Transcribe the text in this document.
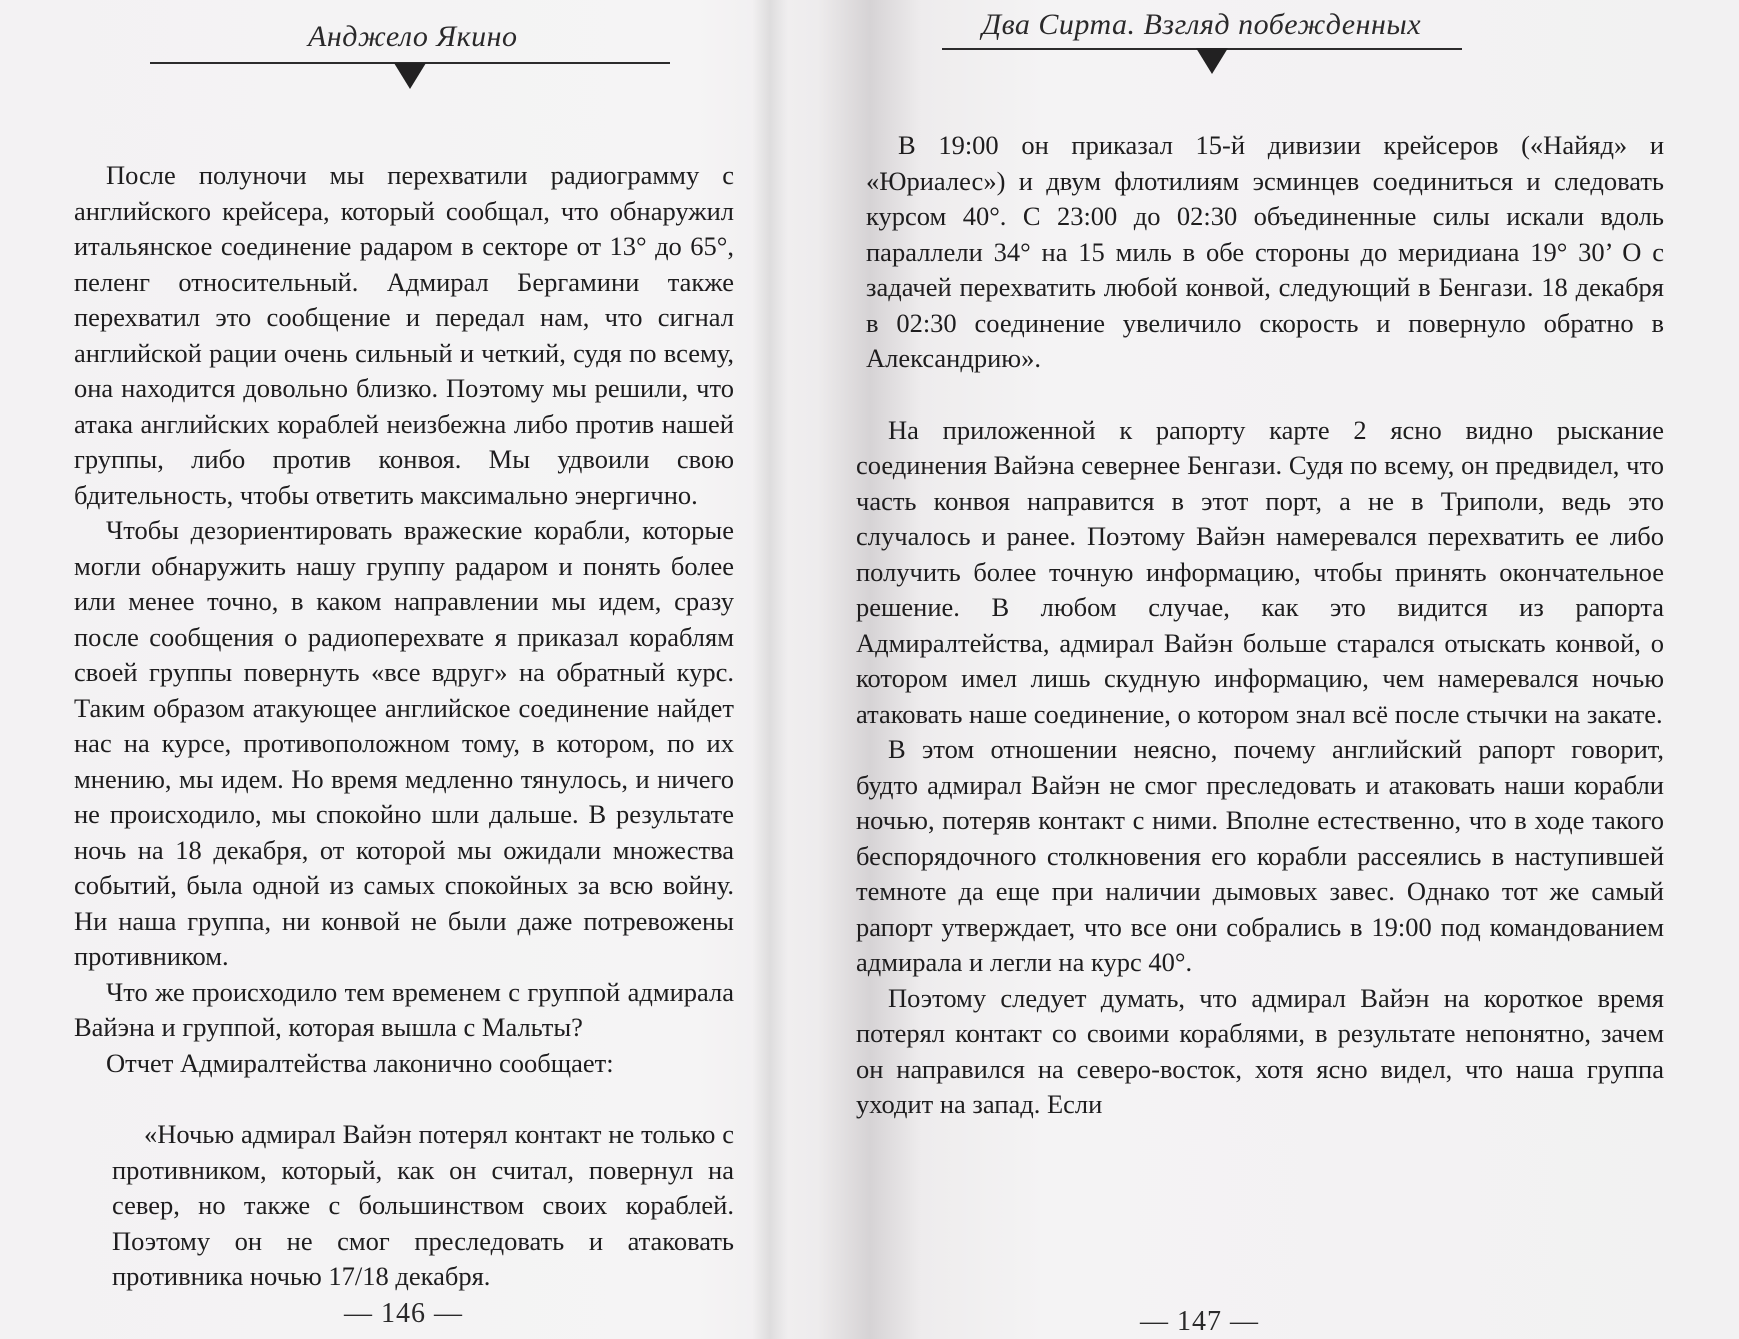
Анджело Якино

После полуночи мы перехватили радиограмму с английского крейсера, который сообщал, что обнаружил итальянское соединение радаром в секторе от 13° до 65°, пеленг относительный. Адмирал Бергамини также перехватил это сообщение и передал нам, что сигнал английской рации очень сильный и четкий, судя по всему, она находится довольно близко. Поэтому мы решили, что атака английских кораблей неизбежна либо против нашей группы, либо против конвоя. Мы удвоили свою бдительность, чтобы ответить максимально энергично.

Чтобы дезориентировать вражеские корабли, которые могли обнаружить нашу группу радаром и понять более или менее точно, в каком направлении мы идем, сразу после сообщения о радиоперехвате я приказал кораблям своей группы повернуть «все вдруг» на обратный курс. Таким образом атакующее английское соединение найдет нас на курсе, противоположном тому, в котором, по их мнению, мы идем. Но время медленно тянулось, и ничего не происходило, мы спокойно шли дальше. В результате ночь на 18 декабря, от которой мы ожидали множества событий, была одной из самых спокойных за всю войну. Ни наша группа, ни конвой не были даже потревожены противником.

Что же происходило тем временем с группой адмирала Вайэна и группой, которая вышла с Мальты?

Отчет Адмиралтейства лаконично сообщает:

«Ночью адмирал Вайэн потерял контакт не только с противником, который, как он считал, повернул на север, но также с большинством своих кораблей. Поэтому он не смог преследовать и атаковать противника ночью 17/18 декабря.

— 146 —
Два Сирта. Взгляд побежденных

В 19:00 он приказал 15-й дивизии крейсеров («Найяд» и «Юриалес») и двум флотилиям эсминцев соединиться и следовать курсом 40°. С 23:00 до 02:30 объединенные силы искали вдоль параллели 34° на 15 миль в обе стороны до меридиана 19° 30’ О с задачей перехватить любой конвой, следующий в Бенгази. 18 декабря в 02:30 соединение увеличило скорость и повернуло обратно в Александрию».

На приложенной к рапорту карте 2 ясно видно рыскание соединения Вайэна севернее Бенгази. Судя по всему, он предвидел, что часть конвоя направится в этот порт, а не в Триполи, ведь это случалось и ранее. Поэтому Вайэн намеревался перехватить ее либо получить более точную информацию, чтобы принять окончательное решение. В любом случае, как это видится из рапорта Адмиралтейства, адмирал Вайэн больше старался отыскать конвой, о котором имел лишь скудную информацию, чем намеревался ночью атаковать наше соединение, о котором знал всё после стычки на закате.

В этом отношении неясно, почему английский рапорт говорит, будто адмирал Вайэн не смог преследовать и атаковать наши корабли ночью, потеряв контакт с ними. Вполне естественно, что в ходе такого беспорядочного столкновения его корабли рассеялись в наступившей темноте да еще при наличии дымовых завес. Однако тот же самый рапорт утверждает, что все они собрались в 19:00 под командованием адмирала и легли на курс 40°.

Поэтому следует думать, что адмирал Вайэн на короткое время потерял контакт со своими кораблями, в результате непонятно, зачем он направился на северо-восток, хотя ясно видел, что наша группа уходит на запад. Если

— 147 —
